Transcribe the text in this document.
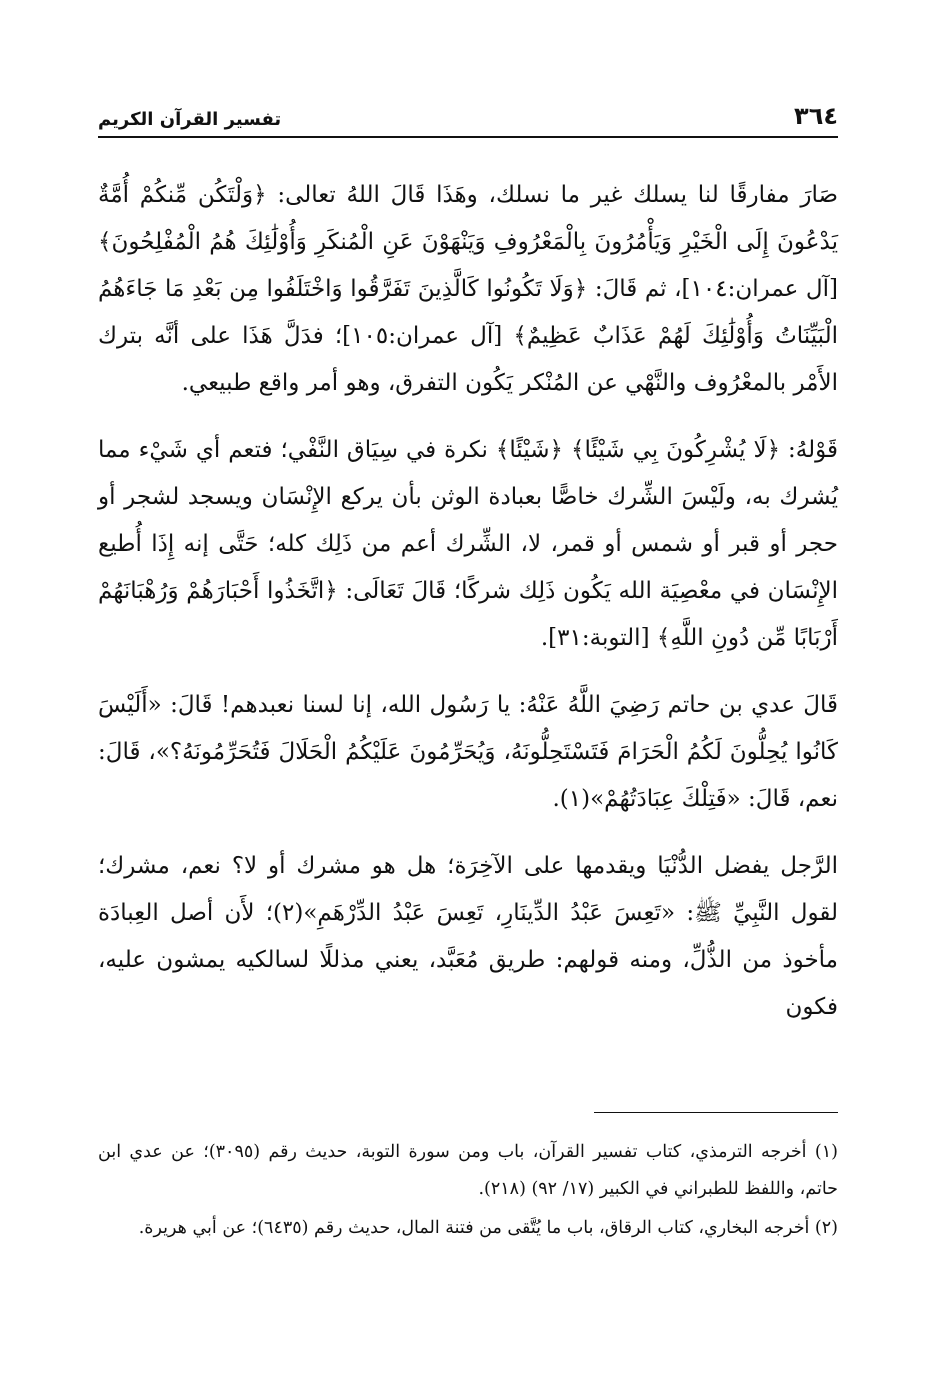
٣٦٤
تفسير القرآن الكريم

صَارَ مفارقًا لنا يسلك غير ما نسلك، وهَذَا قَالَ اللهُ تعالى: ﴿وَلْتَكُن مِّنكُمْ أُمَّةٌ يَدْعُونَ إِلَى الْخَيْرِ وَيَأْمُرُونَ بِالْمَعْرُوفِ وَيَنْهَوْنَ عَنِ الْمُنكَرِ وَأُوْلَٰئِكَ هُمُ الْمُفْلِحُونَ﴾ [آل عمران:١٠٤]، ثم قَالَ: ﴿وَلَا تَكُونُوا كَالَّذِينَ تَفَرَّقُوا وَاخْتَلَفُوا مِن بَعْدِ مَا جَاءَهُمُ الْبَيِّنَاتُ وَأُوْلَٰئِكَ لَهُمْ عَذَابٌ عَظِيمٌ﴾ [آل عمران:١٠٥]؛ فدَلَّ هَذَا على أنَّه بترك الأَمْر بالمعْرُوف والنَّهْي عن المُنْكر يَكُون التفرق، وهو أمر واقع طبيعي.

قَوْلهُ: ﴿لَا يُشْرِكُونَ بِي شَيْئًا﴾ ﴿شَيْئًا﴾ نكرة في سِيَاق النَّفْي؛ فتعم أي شَيْء مما يُشرك به، ولَيْسَ الشِّرك خاصًّا بعبادة الوثن بأن يركع الإِنْسَان ويسجد لشجر أو حجر أو قبر أو شمس أو قمر، لا، الشِّرك أعم من ذَلِك كله؛ حَتَّى إنه إِذَا أُطيع الإِنْسَان في معْصِيَة الله يَكُون ذَلِك شركًا؛ قَالَ تَعَالَى: ﴿اتَّخَذُوا أَحْبَارَهُمْ وَرُهْبَانَهُمْ أَرْبَابًا مِّن دُونِ اللَّهِ﴾ [التوبة:٣١].

قَالَ عدي بن حاتم رَضِيَ اللَّهُ عَنْهُ: يا رَسُول الله، إنا لسنا نعبدهم! قَالَ: «أَلَيْسَ كَانُوا يُحِلُّونَ لَكُمُ الْحَرَامَ فَتَسْتَحِلُّونَهُ، وَيُحَرِّمُونَ عَلَيْكُمُ الْحَلَالَ فَتُحَرِّمُونَهُ؟»، قَالَ: نعم، قَالَ: «فَتِلْكَ عِبَادَتُهُمْ»(١).

الرَّجل يفضل الدُّنْيَا ويقدمها على الآخِرَة؛ هل هو مشرك أو لا؟ نعم، مشرك؛ لقول النَّبِيِّ ﷺ: «تَعِسَ عَبْدُ الدِّينَارِ، تَعِسَ عَبْدُ الدِّرْهَمِ»(٢)؛ لأَن أصل العِبادَة مأخوذ من الذُّلِّ، ومنه قولهم: طريق مُعَبَّد، يعني مذللًا لسالكيه يمشون عليه، فكون

(١) أخرجه الترمذي، كتاب تفسير القرآن، باب ومن سورة التوبة، حديث رقم (٣٠٩٥)؛ عن عدي ابن حاتم، واللفظ للطبراني في الكبير (١٧/ ٩٢) (٢١٨).

(٢) أخرجه البخاري، كتاب الرقاق، باب ما يُتَّقى من فتنة المال، حديث رقم (٦٤٣٥)؛ عن أبي هريرة.
